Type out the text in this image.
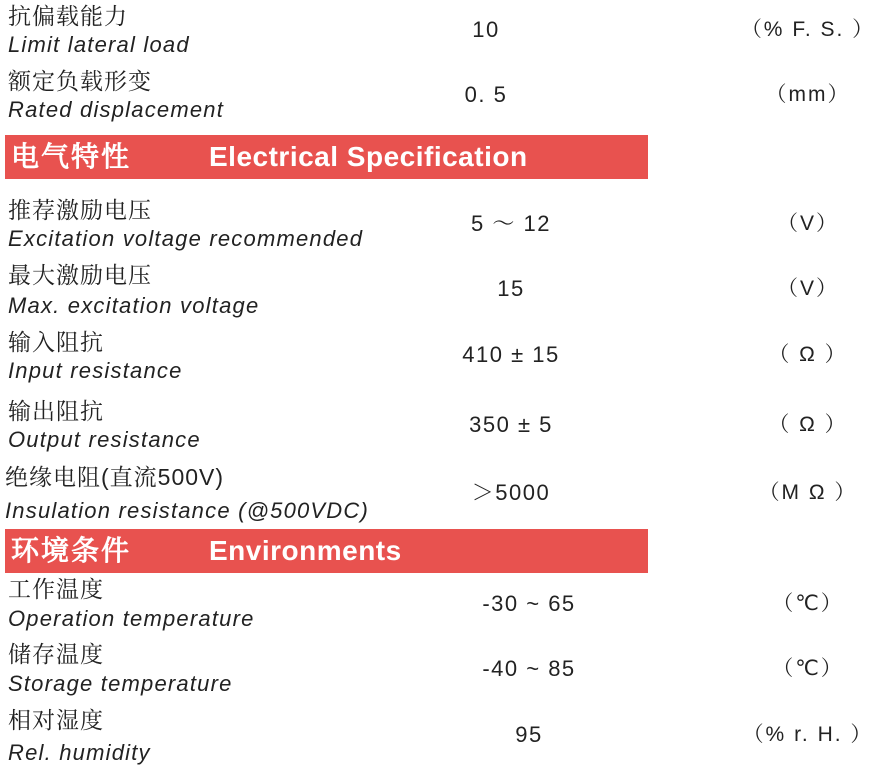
抗偏载能力
Limit lateral load
10	（% F. S. ）
额定负载形变
Rated displacement
0. 5	（mm）
电气特性	Electrical Specification
推荐激励电压
Excitation voltage recommended
5 ～ 12	（V）
最大激励电压
Max. excitation voltage
15	（V）
输入阻抗
Input resistance
410 ± 15	（ Ω ）
输出阻抗
Output resistance
350 ± 5	（ Ω ）
绝缘电阻(直流500V)
Insulation resistance (@500VDC)
＞5000	（M Ω ）
环境条件	Environments
工作温度
Operation temperature
-30 ~ 65	（℃）
储存温度
Storage temperature
-40 ~ 85	（℃）
相对湿度
Rel. humidity
95	（% r. H. ）
